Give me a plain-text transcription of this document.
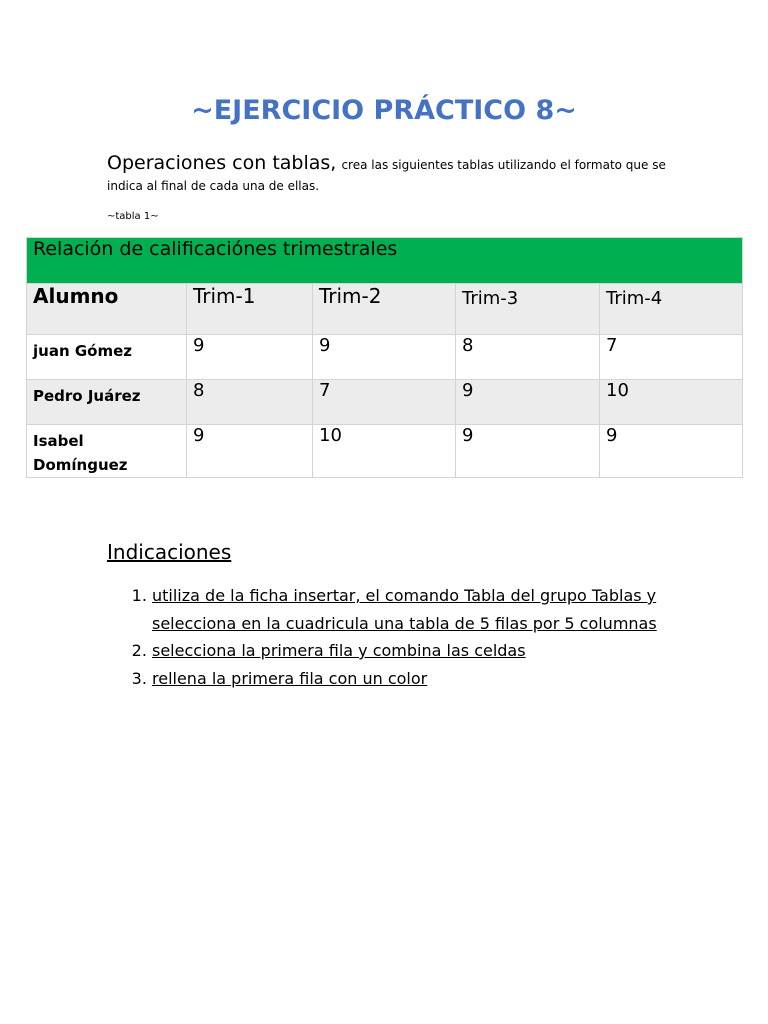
~EJERCICIO PRÁCTICO 8~
Operaciones con tablas, crea las siguientes tablas utilizando el formato que se
indica al final de cada una de ellas.
~tabla 1~
Relación de calificaciónes trimestrales				
Alumno	Trim-1	Trim-2	Trim-3	Trim-4
juan Gómez	9	9	8	7
Pedro Juárez	8	7	9	10
Isabel Domínguez	9	10	9	9
Indicaciones
1. utiliza de la ficha insertar, el comando Tabla del grupo Tablas y selecciona en la cuadricula una tabla de 5 filas por 5 columnas
2. selecciona la primera fila y combina las celdas
3. rellena la primera fila con un color
